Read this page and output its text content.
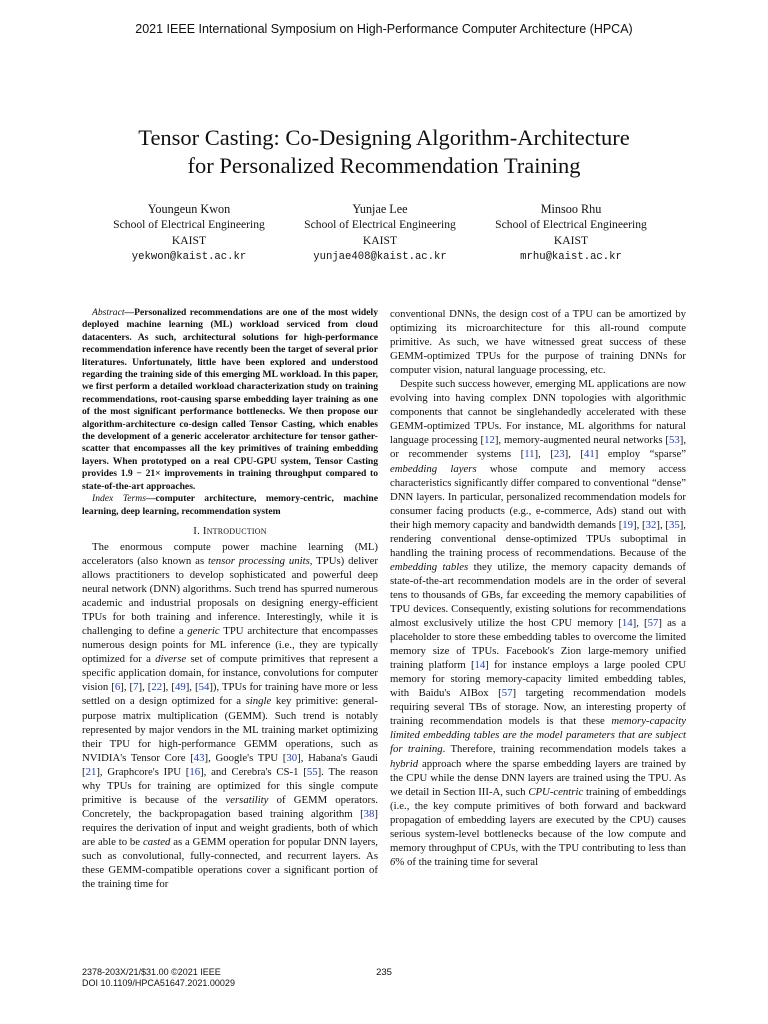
2021 IEEE International Symposium on High-Performance Computer Architecture (HPCA)
Tensor Casting: Co-Designing Algorithm-Architecture
for Personalized Recommendation Training
Youngeun Kwon
School of Electrical Engineering
KAIST
yekwon@kaist.ac.kr
Yunjae Lee
School of Electrical Engineering
KAIST
yunjae408@kaist.ac.kr
Minsoo Rhu
School of Electrical Engineering
KAIST
mrhu@kaist.ac.kr

Abstract—Personalized recommendations are one of the most widely deployed machine learning (ML) workload serviced from cloud datacenters. As such, architectural solutions for high-performance recommendation inference have recently been the target of several prior literatures. Unfortunately, little have been explored and understood regarding the training side of this emerging ML workload. In this paper, we first perform a detailed workload characterization study on training recommendations, root-causing sparse embedding layer training as one of the most significant performance bottlenecks. We then propose our algorithm-architecture co-design called Tensor Casting, which enables the development of a generic accelerator architecture for tensor gather-scatter that encompasses all the key primitives of training embedding layers. When prototyped on a real CPU-GPU system, Tensor Casting provides 1.9 − 21× improvements in training throughput compared to state-of-the-art approaches.

Index Terms—computer architecture, memory-centric, machine learning, deep learning, recommendation system

I. Introduction

The enormous compute power machine learning (ML) accelerators (also known as tensor processing units, TPUs) deliver allows practitioners to develop sophisticated and powerful deep neural network (DNN) algorithms. Such trend has spurred numerous academic and industrial proposals on designing energy-efficient TPUs for both training and inference. Interestingly, while it is challenging to define a generic TPU architecture that encompasses numerous design points for ML inference (i.e., they are typically optimized for a diverse set of compute primitives that represent a specific application domain, for instance, convolutions for computer vision [6], [7], [22], [49], [54]), TPUs for training have more or less settled on a design optimized for a single key primitive: general-purpose matrix multiplication (GEMM). Such trend is notably represented by major vendors in the ML training market optimizing their TPU for high-performance GEMM operations, such as NVIDIA's Tensor Core [43], Google's TPU [30], Habana's Gaudi [21], Graphcore's IPU [16], and Cerebra's CS-1 [55]. The reason why TPUs for training are optimized for this single compute primitive is because of the versatility of GEMM operators. Concretely, the backpropagation based training algorithm [38] requires the derivation of input and weight gradients, both of which are able to be casted as a GEMM operation for popular DNN layers, such as convolutional, fully-connected, and recurrent layers. As these GEMM-compatible operations cover a significant portion of the training time for

conventional DNNs, the design cost of a TPU can be amortized by optimizing its microarchitecture for this all-round compute primitive. As such, we have witnessed great success of these GEMM-optimized TPUs for the purpose of training DNNs for computer vision, natural language processing, etc.

Despite such success however, emerging ML applications are now evolving into having complex DNN topologies with algorithmic components that cannot be singlehandedly accelerated with these GEMM-optimized TPUs. For instance, ML algorithms for natural language processing [12], memory-augmented neural networks [53], or recommender systems [11], [23], [41] employ “sparse” embedding layers whose compute and memory access characteristics significantly differ compared to conventional “dense” DNN layers. In particular, personalized recommendation models for consumer facing products (e.g., e-commerce, Ads) stand out with their high memory capacity and bandwidth demands [19], [32], [35], rendering conventional dense-optimized TPUs suboptimal in handling the training process of recommendations. Because of the embedding tables they utilize, the memory capacity demands of state-of-the-art recommendation models are in the order of several tens to thousands of GBs, far exceeding the memory capabilities of TPU devices. Consequently, existing solutions for recommendations almost exclusively utilize the host CPU memory [14], [57] as a placeholder to store these embedding tables to overcome the limited memory size of TPUs. Facebook's Zion large-memory unified training platform [14] for instance employs a large pooled CPU memory for storing memory-capacity limited embedding tables, with Baidu's AIBox [57] targeting recommendation models requiring several TBs of storage. Now, an interesting property of training recommendation models is that these memory-capacity limited embedding tables are the model parameters that are subject for training. Therefore, training recommendation models takes a hybrid approach where the sparse embedding layers are trained by the CPU while the dense DNN layers are trained using the TPU. As we detail in Section III-A, such CPU-centric training of embeddings (i.e., the key compute primitives of both forward and backward propagation of embedding layers are executed by the CPU) causes serious system-level bottlenecks because of the low compute and memory throughput of CPUs, with the TPU contributing to less than 6% of the training time for several

2378-203X/21/$31.00 ©2021 IEEE
DOI 10.1109/HPCA51647.2021.00029
235
